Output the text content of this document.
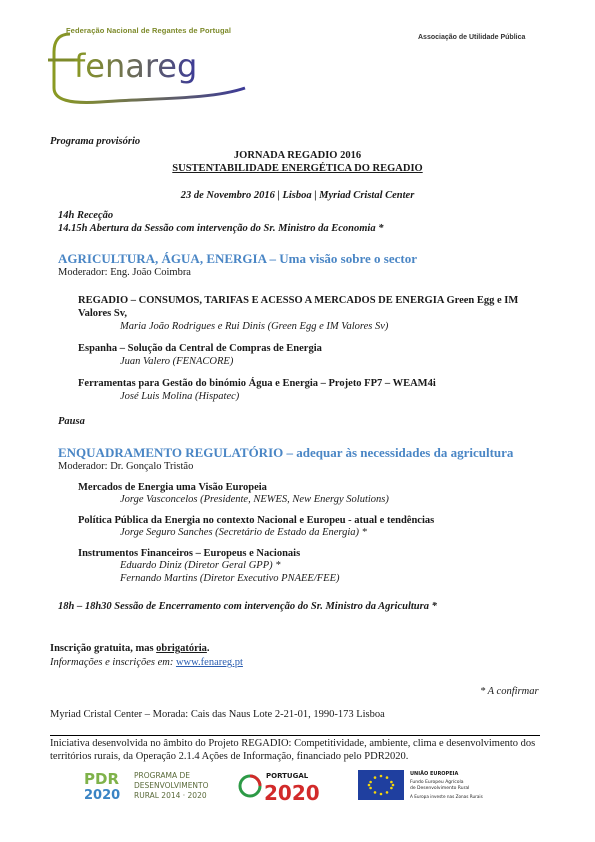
Federação Nacional de Regantes de Portugal
fenareg
Associação de Utilidade Pública
Programa provisório
JORNADA REGADIO 2016
SUSTENTABILIDADE ENERGÉTICA DO REGADIO
23 de Novembro 2016 | Lisboa | Myriad Cristal Center
14h Receção
14.15h Abertura da Sessão com intervenção do Sr. Ministro da Economia *
AGRICULTURA, ÁGUA, ENERGIA – Uma visão sobre o sector
Moderador: Eng. João Coimbra
REGADIO – CONSUMOS, TARIFAS E ACESSO A MERCADOS DE ENERGIA Green Egg e IM Valores Sv,
Maria João Rodrigues e Rui Dinis (Green Egg e IM Valores Sv)
Espanha – Solução da Central de Compras de Energia
Juan Valero (FENACORE)
Ferramentas para Gestão do binómio Água e Energia – Projeto FP7 – WEAM4i
José Luis Molina (Hispatec)
Pausa
ENQUADRAMENTO REGULATÓRIO – adequar às necessidades da agricultura
Moderador: Dr. Gonçalo Tristão
Mercados de Energia uma Visão Europeia
Jorge Vasconcelos (Presidente, NEWES, New Energy Solutions)
Política Pública da Energia no contexto Nacional e Europeu - atual e tendências
Jorge Seguro Sanches (Secretário de Estado da Energia) *
Instrumentos Financeiros – Europeus e Nacionais
Eduardo Diniz (Diretor Geral GPP) *
Fernando Martins (Diretor Executivo PNAEE/FEE)
18h – 18h30 Sessão de Encerramento com intervenção do Sr. Ministro da Agricultura *
Inscrição gratuita, mas obrigatória.
Informações e inscrições em: www.fenareg.pt
* A confirmar
Myriad Cristal Center – Morada: Cais das Naus Lote 2-21-01, 1990-173 Lisboa
Iniciativa desenvolvida no âmbito do Projeto REGADIO: Competitividade, ambiente, clima e desenvolvimento dos territórios rurais, da Operação 2.1.4 Ações de Informação, financiado pelo PDR2020.
PDR
2020
PROGRAMA DE
DESENVOLVIMENTO
RURAL 2014 · 2020
PORTUGAL
2020
UNIÃO EUROPEIA
Fundo Europeu Agrícola
de Desenvolvimento Rural
A Europa investe nas Zonas Rurais
